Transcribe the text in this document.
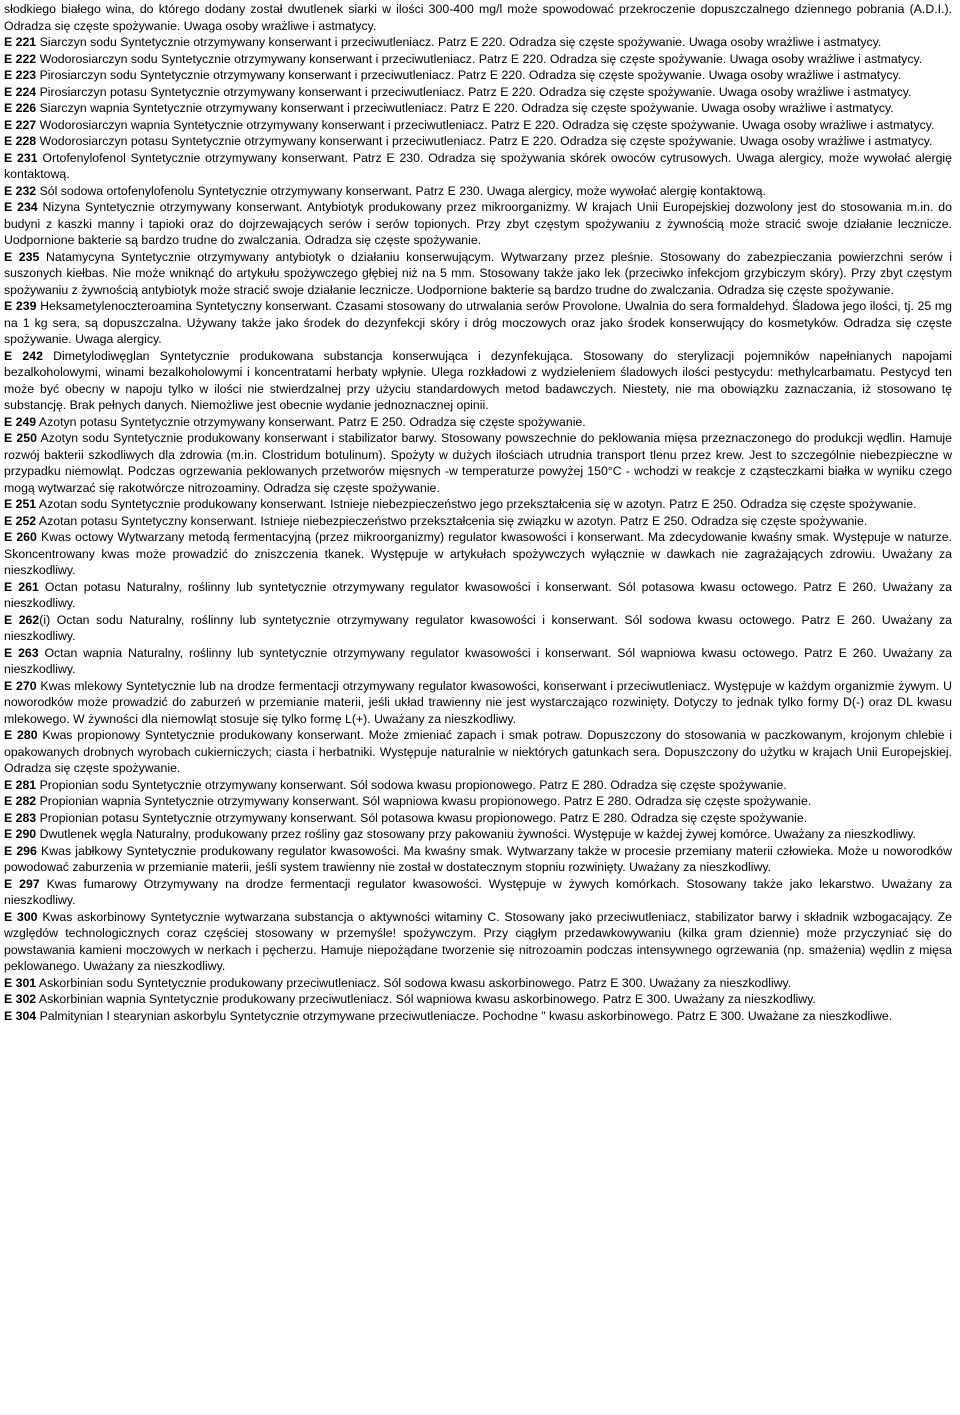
słodkiego białego wina, do którego dodany został dwutlenek siarki w ilości 300-400 mg/l może spowodować przekroczenie dopuszczalnego dziennego pobrania (A.D.I.). Odradza się częste spożywanie. Uwaga osoby wrażliwe i astmatycy.

E 221 Siarczyn sodu Syntetycznie otrzymywany konserwant i przeciwutleniacz. Patrz E 220. Odradza się częste spożywanie. Uwaga osoby wrażliwe i astmatycy.

E 222 Wodorosiarczyn sodu Syntetycznie otrzymywany konserwant i przeciwutleniacz. Patrz E 220. Odradza się częste spożywanie. Uwaga osoby wrażliwe i astmatycy.

E 223 Pirosiarczyn sodu Syntetycznie otrzymywany konserwant i przeciwutleniacz. Patrz E 220. Odradza się częste spożywanie. Uwaga osoby wrażliwe i astmatycy.

E 224 Pirosiarczyn potasu Syntetycznie otrzymywany konserwant i przeciwutleniacz. Patrz E 220. Odradza się częste spożywanie. Uwaga osoby wrażliwe i astmatycy.

E 226 Siarczyn wapnia Syntetycznie otrzymywany konserwant i przeciwutleniacz. Patrz E 220. Odradza się częste spożywanie. Uwaga osoby wrażliwe i astmatycy.

E 227 Wodorosiarczyn wapnia Syntetycznie otrzymywany konserwant i przeciwutleniacz. Patrz E 220. Odradza się częste spożywanie. Uwaga osoby wrażliwe i astmatycy.

E 228 Wodorosiarczyn potasu Syntetycznie otrzymywany konserwant i przeciwutleniacz. Patrz E 220. Odradza się częste spożywanie. Uwaga osoby wrażliwe i astmatycy.

E 231 Ortofenylofenol Syntetycznie otrzymywany konserwant. Patrz E 230. Odradza się spożywania skórek owoców cytrusowych. Uwaga alergicy, może wywołać alergię kontaktową.

E 232 Sól sodowa ortofenylofenolu Syntetycznie otrzymywany konserwant. Patrz E 230. Uwaga alergicy, może wywołać alergię kontaktową.

E 234 Nizyna Syntetycznie otrzymywany konserwant. Antybiotyk produkowany przez mikroorganizmy. W krajach Unii Europejskiej dozwolony jest do stosowania m.in. do budyni z kaszki manny i tapioki oraz do dojrzewających serów i serów topionych. Przy zbyt częstym spożywaniu z żywnością może stracić swoje działanie lecznicze. Uodpornione bakterie są bardzo trudne do zwalczania. Odradza się częste spożywanie.

E 235 Natamycyna Syntetycznie otrzymywany antybiotyk o działaniu konserwującym. Wytwarzany przez pleśnie. Stosowany do zabezpieczania powierzchni serów i suszonych kiełbas. Nie może wniknąć do artykułu spożywczego głębiej niż na 5 mm. Stosowany także jako lek (przeciwko infekcjom grzybiczym skóry). Przy zbyt częstym spożywaniu z żywnością antybiotyk może stracić swoje działanie lecznicze. Uodpornione bakterie są bardzo trudne do zwalczania. Odradza się częste spożywanie.

E 239 Heksametylenoczteroamina Syntetyczny konserwant. Czasami stosowany do utrwalania serów Provolone. Uwalnia do sera formaldehyd. Śladowa jego ilości, tj. 25 mg na 1 kg sera, są dopuszczalna. Używany także jako środek do dezynfekcji skóry i dróg moczowych oraz jako środek konserwujący do kosmetyków. Odradza się częste spożywanie. Uwaga alergicy.

E 242 Dimetylodiwęglan Syntetycznie produkowana substancja konserwująca i dezynfekująca. Stosowany do sterylizacji pojemników napełnianych napojami bezalkoholowymi, winami bezalkoholowymi i koncentratami herbaty wpłynie. Ulega rozkładowi z wydzieleniem śladowych ilości pestycydu: methylcarbamatu. Pestycyd ten może być obecny w napoju tylko w ilości nie stwierdzalnej przy użyciu standardowych metod badawczych. Niestety, nie ma obowiązku zaznaczania, iż stosowano tę substancję. Brak pełnych danych. Niemożliwe jest obecnie wydanie jednoznacznej opinii.

E 249 Azotyn potasu Syntetycznie otrzymywany konserwant. Patrz E 250. Odradza się częste spożywanie.

E 250 Azotyn sodu Syntetycznie produkowany konserwant i stabilizator barwy. Stosowany powszechnie do peklowania mięsa przeznaczonego do produkcji wędlin. Hamuje rozwój bakterii szkodliwych dla zdrowia (m.in. Clostridum botulinum). Spożyty w dużych ilościach utrudnia transport tlenu przez krew. Jest to szczególnie niebezpieczne w przypadku niemowląt. Podczas ogrzewania peklowanych przetworów mięsnych -w temperaturze powyżej 150°C - wchodzi w reakcje z cząsteczkami białka w wyniku czego mogą wytwarzać się rakotwórcze nitrozoaminy. Odradza się częste spożywanie.

E 251 Azotan sodu Syntetycznie produkowany konserwant. Istnieje niebezpieczeństwo jego przekształcenia się w azotyn. Patrz E 250. Odradza się częste spożywanie.

E 252 Azotan potasu Syntetyczny konserwant. Istnieje niebezpieczeństwo przekształcenia się związku w azotyn. Patrz E 250. Odradza się częste spożywanie.

E 260 Kwas octowy Wytwarzany metodą fermentacyjną (przez mikroorganizmy) regulator kwasowości i konserwant. Ma zdecydowanie kwaśny smak. Występuje w naturze. Skoncentrowany kwas może prowadzić do zniszczenia tkanek. Występuje w artykułach spożywczych wyłącznie w dawkach nie zagrażających zdrowiu. Uważany za nieszkodliwy.

E 261 Octan potasu Naturalny, roślinny lub syntetycznie otrzymywany regulator kwasowości i konserwant. Sól potasowa kwasu octowego. Patrz E 260. Uważany za nieszkodliwy.

E 262(i) Octan sodu Naturalny, roślinny lub syntetycznie otrzymywany regulator kwasowości i konserwant. Sól sodowa kwasu octowego. Patrz E 260. Uważany za nieszkodliwy.

E 263 Octan wapnia Naturalny, roślinny lub syntetycznie otrzymywany regulator kwasowości i konserwant. Sól wapniowa kwasu octowego. Patrz E 260. Uważany za nieszkodliwy.

E 270 Kwas mlekowy Syntetycznie lub na drodze fermentacji otrzymywany regulator kwasowości, konserwant i przeciwutleniacz. Występuje w każdym organizmie żywym. U noworodków może prowadzić do zaburzeń w przemianie materii, jeśli układ trawienny nie jest wystarczająco rozwinięty. Dotyczy to jednak tylko formy D(-) oraz DL kwasu mlekowego. W żywności dla niemowląt stosuje się tylko formę L(+). Uważany za nieszkodliwy.

E 280 Kwas propionowy Syntetycznie produkowany konserwant. Może zmieniać zapach i smak potraw. Dopuszczony do stosowania w paczkowanym, krojonym chlebie i opakowanych drobnych wyrobach cukierniczych; ciasta i herbatniki. Występuje naturalnie w niektórych gatunkach sera. Dopuszczony do użytku w krajach Unii Europejskiej. Odradza się częste spożywanie.

E 281 Propionian sodu Syntetycznie otrzymywany konserwant. Sól sodowa kwasu propionowego. Patrz E 280. Odradza się częste spożywanie.

E 282 Propionian wapnia Syntetycznie otrzymywany konserwant. Sól wapniowa kwasu propionowego. Patrz E 280. Odradza się częste spożywanie.

E 283 Propionian potasu Syntetycznie otrzymywany konserwant. Sól potasowa kwasu propionowego. Patrz E 280. Odradza się częste spożywanie.

E 290 Dwutlenek węgla Naturalny, produkowany przez rośliny gaz stosowany przy pakowaniu żywności. Występuje w każdej żywej komórce. Uważany za nieszkodliwy.

E 296 Kwas jabłkowy Syntetycznie produkowany regulator kwasowości. Ma kwaśny smak. Wytwarzany także w procesie przemiany materii człowieka. Może u noworodków powodować zaburzenia w przemianie materii, jeśli system trawienny nie został w dostatecznym stopniu rozwinięty. Uważany za nieszkodliwy.

E 297 Kwas fumarowy Otrzymywany na drodze fermentacji regulator kwasowości. Występuje w żywych komórkach. Stosowany także jako lekarstwo. Uważany za nieszkodliwy.

E 300 Kwas askorbinowy Syntetycznie wytwarzana substancja o aktywności witaminy C. Stosowany jako przeciwutleniacz, stabilizator barwy i składnik wzbogacający. Ze względów technologicznych coraz częściej stosowany w przemyśle! spożywczym. Przy ciągłym przedawkowywaniu (kilka gram dziennie) może przyczyniać się do powstawania kamieni moczowych w nerkach i pęcherzu. Hamuje niepożądane tworzenie się nitrozoamin podczas intensywnego ogrzewania (np. smażenia) wędlin z mięsa peklowanego. Uważany za nieszkodliwy.

E 301 Askorbinian sodu Syntetycznie produkowany przeciwutleniacz. Sól sodowa kwasu askorbinowego. Patrz E 300. Uważany za nieszkodliwy.

E 302 Askorbinian wapnia Syntetycznie produkowany przeciwutleniacz. Sól wapniowa kwasu askorbinowego. Patrz E 300. Uważany za nieszkodliwy.

E 304 Palmitynian I stearynian askorbylu Syntetycznie otrzymywane przeciwutleniacze. Pochodne " kwasu askorbinowego. Patrz E 300. Uważane za nieszkodliwe.
